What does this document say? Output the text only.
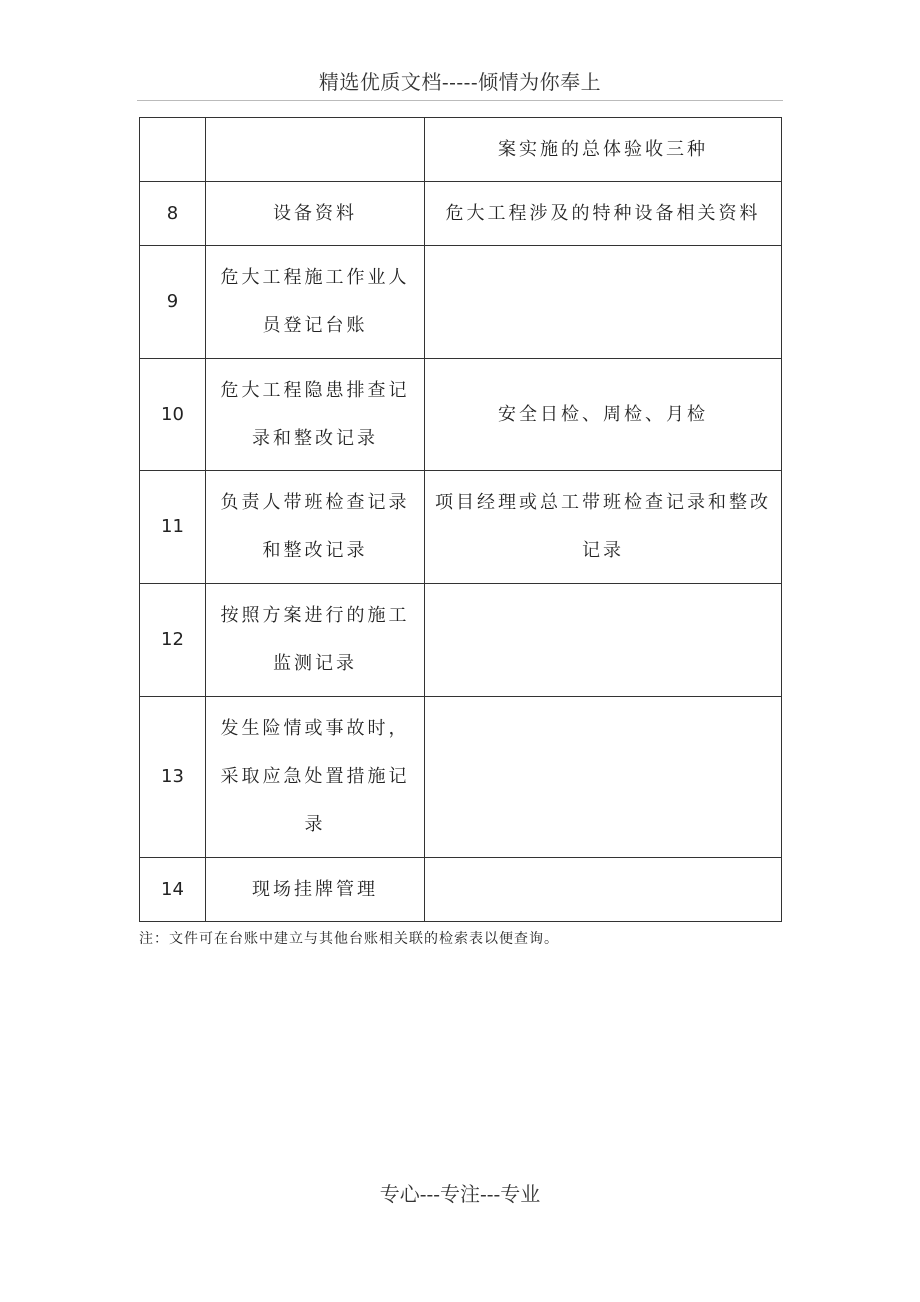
精选优质文档-----倾情为你奉上
		案实施的总体验收三种
8	设备资料	危大工程涉及的特种设备相关资料
9	危大工程施工作业人员登记台账	
10	危大工程隐患排查记录和整改记录	安全日检、周检、月检
11	负责人带班检查记录和整改记录	项目经理或总工带班检查记录和整改记录
12	按照方案进行的施工监测记录	
13	发生险情或事故时，采取应急处置措施记录	
14	现场挂牌管理	
注：文件可在台账中建立与其他台账相关联的检索表以便查询。
专心---专注---专业
